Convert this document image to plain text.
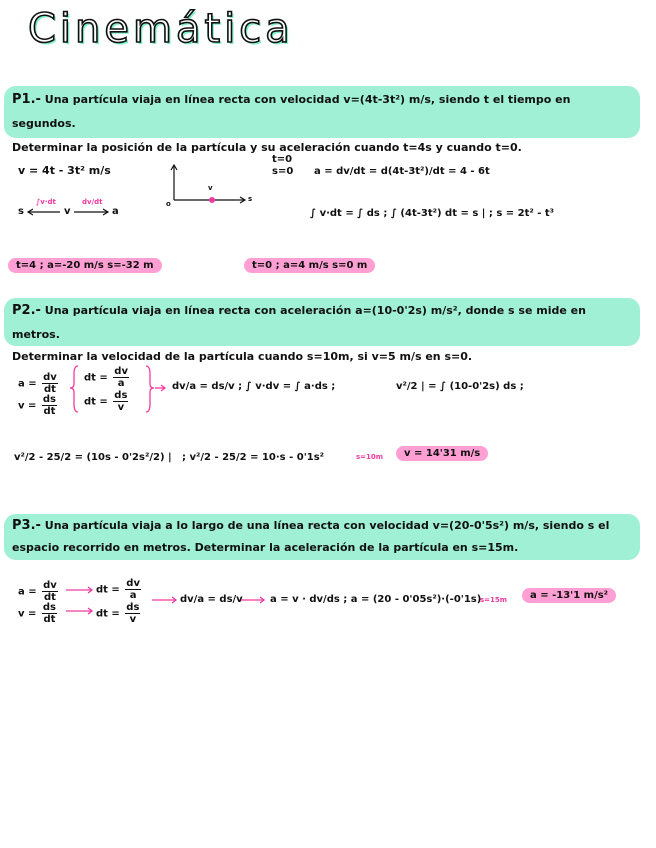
Cinemática

P1.- Una partícula viaja en línea recta con velocidad v=(4t-3t²) m/s, siendo t el tiempo en segundos.

Determinar la posición de la partícula y su aceleración cuando t=4s y cuando t=0.

v = 4t - 3t² m/s
s	v	a
∫v·dt	dv/dt	o
s
v
t=0
s=0 a = dv/dt = d(4t-3t²)/dt = 4 - 6t
∫ v·dt = ∫ ds ; ∫ (4t-3t²) dt = s | ; s = 2t² - t³
t=4 ; a=-20 m/s s=-32 m	t=0 ; a=4 m/s s=0 m

P2.- Una partícula viaja en línea recta con aceleración a=(10-0'2s) m/s², donde s se mide en metros.

Determinar la velocidad de la partícula cuando s=10m, si v=5 m/s en s=0.

$a = \frac{dv}{dt}$
$v = \frac{ds}{dt}$
dt = $\frac{dv}{a}$
dt = $\frac{ds}{v}$
dv/a = ds/v ; ∫ v·dv = ∫ a·ds ;	v²/2 | = ∫ (10-0'2s) ds ;
v²/2 - 25/2 = (10s - 0'2s²/2) | ; v²/2 - 25/2 = 10·s - 0'1s²	s=10m	v = 14'31 m/s

P3.- Una partícula viaja a lo largo de una línea recta con velocidad v=(20-0'5s²) m/s, siendo s el

espacio recorrido en metros. Determinar la aceleración de la partícula en s=15m.

$a = \frac{dv}{dt}$
$v = \frac{ds}{dt}$
dt = $\frac{dv}{a}$
dt = $\frac{ds}{v}$
dv/a = ds/v	a = v · dv/ds ; a = (20 - 0'05s²)·(-0'1s)
s=15m	a = -13'1 m/s²
